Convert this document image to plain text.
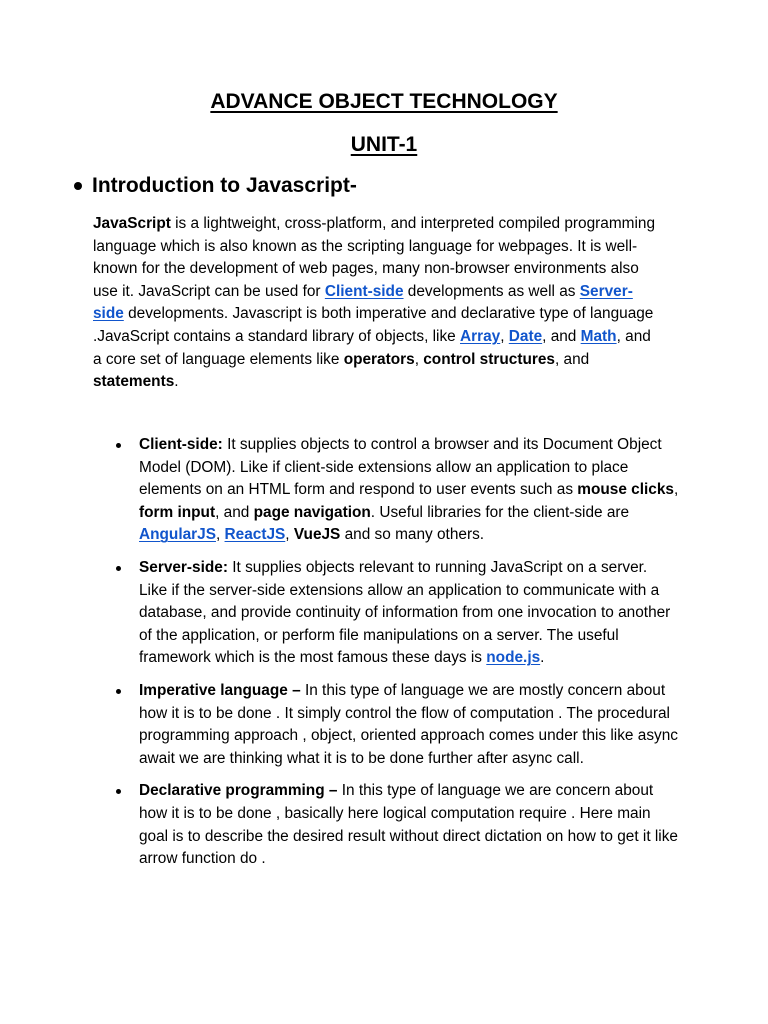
ADVANCE OBJECT TECHNOLOGY
UNIT-1
Introduction to Javascript-
JavaScript is a lightweight, cross-platform, and interpreted compiled programming language which is also known as the scripting language for webpages. It is well-known for the development of web pages, many non-browser environments also use it. JavaScript can be used for Client-side developments as well as Server-side developments. Javascript is both imperative and declarative type of language .JavaScript contains a standard library of objects, like Array, Date, and Math, and a core set of language elements like operators, control structures, and statements.
Client-side: It supplies objects to control a browser and its Document Object Model (DOM). Like if client-side extensions allow an application to place elements on an HTML form and respond to user events such as mouse clicks, form input, and page navigation. Useful libraries for the client-side are AngularJS, ReactJS, VueJS and so many others.
Server-side: It supplies objects relevant to running JavaScript on a server. Like if the server-side extensions allow an application to communicate with a database, and provide continuity of information from one invocation to another of the application, or perform file manipulations on a server. The useful framework which is the most famous these days is node.js.
Imperative language – In this type of language we are mostly concern about how it is to be done . It simply control the flow of computation . The procedural programming approach , object, oriented approach comes under this like async await we are thinking what it is to be done further after async call.
Declarative programming – In this type of language we are concern about how it is to be done , basically here logical computation require . Here main goal is to describe the desired result without direct dictation on how to get it like arrow function do .
